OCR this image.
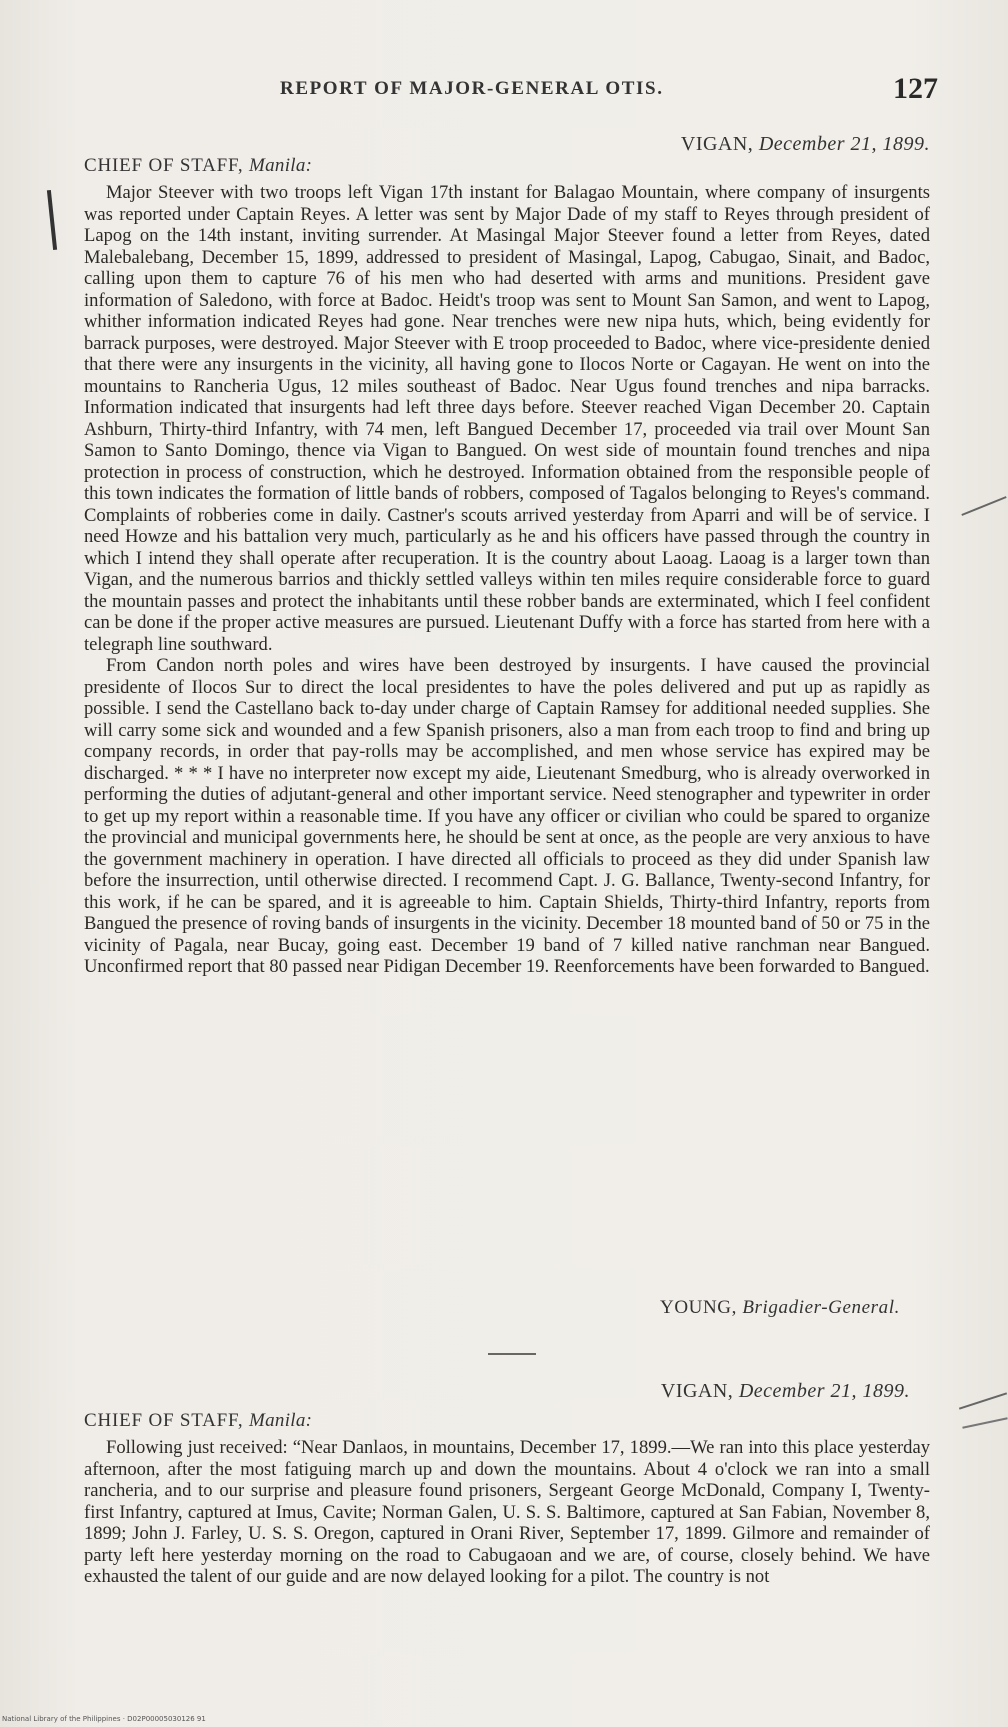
REPORT OF MAJOR-GENERAL OTIS.	127
VIGAN, December 21, 1899.
CHIEF OF STAFF, Manila:

Major Steever with two troops left Vigan 17th instant for Balagao Mountain, where company of insurgents was reported under Captain Reyes. A letter was sent by Major Dade of my staff to Reyes through president of Lapog on the 14th instant, inviting surrender. At Masingal Major Steever found a letter from Reyes, dated Malebalebang, December 15, 1899, addressed to president of Masingal, Lapog, Cabugao, Sinait, and Badoc, calling upon them to capture 76 of his men who had deserted with arms and munitions. President gave information of Saledono, with force at Badoc. Heidt's troop was sent to Mount San Samon, and went to Lapog, whither information indicated Reyes had gone. Near trenches were new nipa huts, which, being evidently for barrack purposes, were destroyed. Major Steever with E troop proceeded to Badoc, where vice-presidente denied that there were any insurgents in the vicinity, all having gone to Ilocos Norte or Cagayan. He went on into the mountains to Rancheria Ugus, 12 miles southeast of Badoc. Near Ugus found trenches and nipa barracks. Information indicated that insurgents had left three days before. Steever reached Vigan December 20. Captain Ashburn, Thirty-third Infantry, with 74 men, left Bangued December 17, proceeded via trail over Mount San Samon to Santo Domingo, thence via Vigan to Bangued. On west side of mountain found trenches and nipa protection in process of construction, which he destroyed. Information obtained from the responsible people of this town indicates the formation of little bands of robbers, composed of Tagalos belonging to Reyes's command. Complaints of robberies come in daily. Castner's scouts arrived yesterday from Aparri and will be of service. I need Howze and his battalion very much, particularly as he and his officers have passed through the country in which I intend they shall operate after recuperation. It is the country about Laoag. Laoag is a larger town than Vigan, and the numerous barrios and thickly settled valleys within ten miles require considerable force to guard the mountain passes and protect the inhabitants until these robber bands are exterminated, which I feel confident can be done if the proper active measures are pursued. Lieutenant Duffy with a force has started from here with a telegraph line southward.

From Candon north poles and wires have been destroyed by insurgents. I have caused the provincial presidente of Ilocos Sur to direct the local presidentes to have the poles delivered and put up as rapidly as possible. I send the Castellano back to-day under charge of Captain Ramsey for additional needed supplies. She will carry some sick and wounded and a few Spanish prisoners, also a man from each troop to find and bring up company records, in order that pay-rolls may be accomplished, and men whose service has expired may be discharged. * * * I have no interpreter now except my aide, Lieutenant Smedburg, who is already overworked in performing the duties of adjutant-general and other important service. Need stenographer and typewriter in order to get up my report within a reasonable time. If you have any officer or civilian who could be spared to organize the provincial and municipal governments here, he should be sent at once, as the people are very anxious to have the government machinery in operation. I have directed all officials to proceed as they did under Spanish law before the insurrection, until otherwise directed. I recommend Capt. J. G. Ballance, Twenty-second Infantry, for this work, if he can be spared, and it is agreeable to him. Captain Shields, Thirty-third Infantry, reports from Bangued the presence of roving bands of insurgents in the vicinity. December 18 mounted band of 50 or 75 in the vicinity of Pagala, near Bucay, going east. December 19 band of 7 killed native ranchman near Bangued. Unconfirmed report that 80 passed near Pidigan December 19. Reenforcements have been forwarded to Bangued.

YOUNG, Brigadier-General.
VIGAN, December 21, 1899.
CHIEF OF STAFF, Manila:

Following just received: “Near Danlaos, in mountains, December 17, 1899.—We ran into this place yesterday afternoon, after the most fatiguing march up and down the mountains. About 4 o'clock we ran into a small rancheria, and to our surprise and pleasure found prisoners, Sergeant George McDonald, Company I, Twenty-first Infantry, captured at Imus, Cavite; Norman Galen, U. S. S. Baltimore, captured at San Fabian, November 8, 1899; John J. Farley, U. S. S. Oregon, captured in Orani River, September 17, 1899. Gilmore and remainder of party left here yesterday morning on the road to Cabugaoan and we are, of course, closely behind. We have exhausted the talent of our guide and are now delayed looking for a pilot. The country is not

National Library of the Philippines · D02P00005030126 91
